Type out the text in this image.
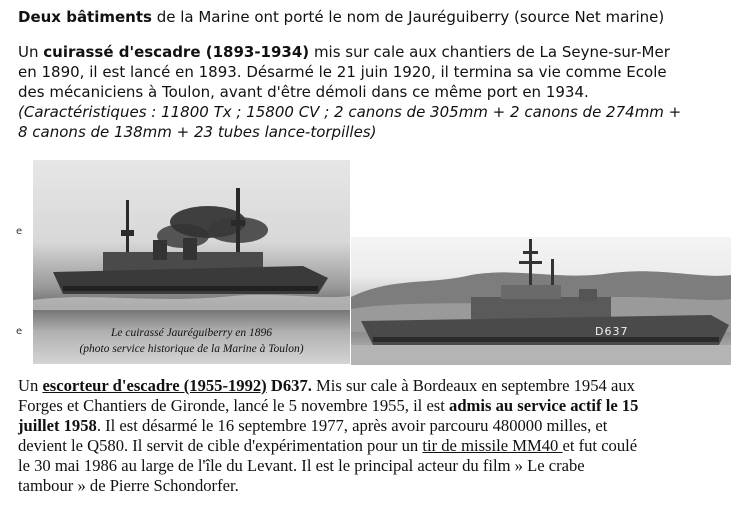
Deux bâtiments de la Marine ont porté le nom de Jauréguiberry (source Net marine)
Un cuirassé d'escadre (1893-1934) mis sur cale aux chantiers de La Seyne-sur-Mer
en 1890, il est lancé en 1893. Désarmé le 21 juin 1920, il termina sa vie comme Ecole
des mécaniciens à Toulon, avant d'être démoli dans ce même port en 1934.
(Caractéristiques : 11800 Tx ; 15800 CV ; 2 canons de 305mm + 2 canons de 274mm +
8 canons de 138mm + 23 tubes lance-torpilles)
e
e	Le cuirassé Jauréguiberry en 1896
(photo service historique de la Marine à Toulon)
D637
Un escorteur d'escadre (1955-1992) D637. Mis sur cale à Bordeaux en septembre 1954 aux
Forges et Chantiers de Gironde, lancé le 5 novembre 1955, il est admis au service actif le 15
juillet 1958. Il est désarmé le 16 septembre 1977, après avoir parcouru 480000 milles, et
devient le Q580. Il servit de cible d'expérimentation pour un tir de missile MM40 et fut coulé
le 30 mai 1986 au large de l'île du Levant. Il est le principal acteur du film » Le crabe
tambour » de Pierre Schondorfer.
